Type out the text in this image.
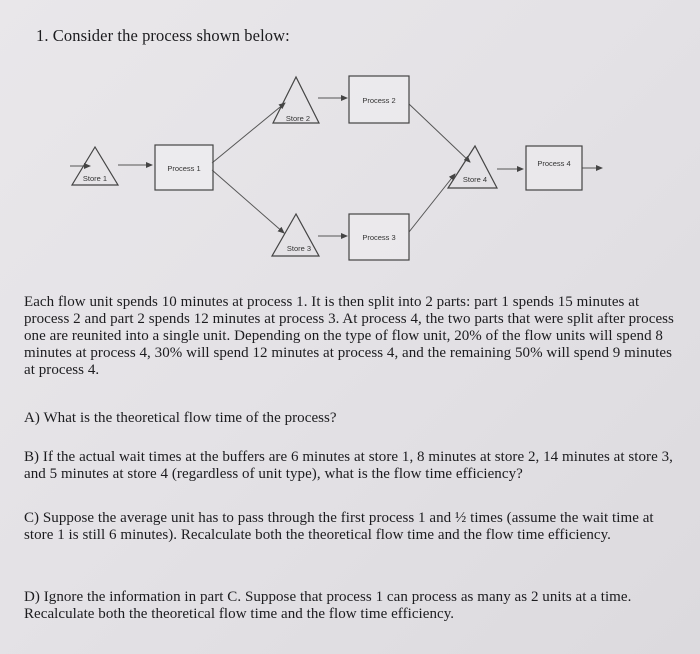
1. Consider the process shown below:
Store 1
Store 2
Store 3
Store 4
Process 1
Process 2
Process 3
Process 4
Each flow unit spends 10 minutes at process 1. It is then split into 2 parts: part 1 spends 15 minutes at process 2 and part 2 spends 12 minutes at process 3. At process 4, the two parts that were split after process one are reunited into a single unit. Depending on the type of flow unit, 20% of the flow units will spend 8 minutes at process 4, 30% will spend 12 minutes at process 4, and the remaining 50% will spend 9 minutes at process 4.
A) What is the theoretical flow time of the process?
B) If the actual wait times at the buffers are 6 minutes at store 1, 8 minutes at store 2, 14 minutes at store 3, and 5 minutes at store 4 (regardless of unit type), what is the flow time efficiency?
C) Suppose the average unit has to pass through the first process 1 and ½ times (assume the wait time at store 1 is still 6 minutes). Recalculate both the theoretical flow time and the flow time efficiency.
D) Ignore the information in part C. Suppose that process 1 can process as many as 2 units at a time. Recalculate both the theoretical flow time and the flow time efficiency.
